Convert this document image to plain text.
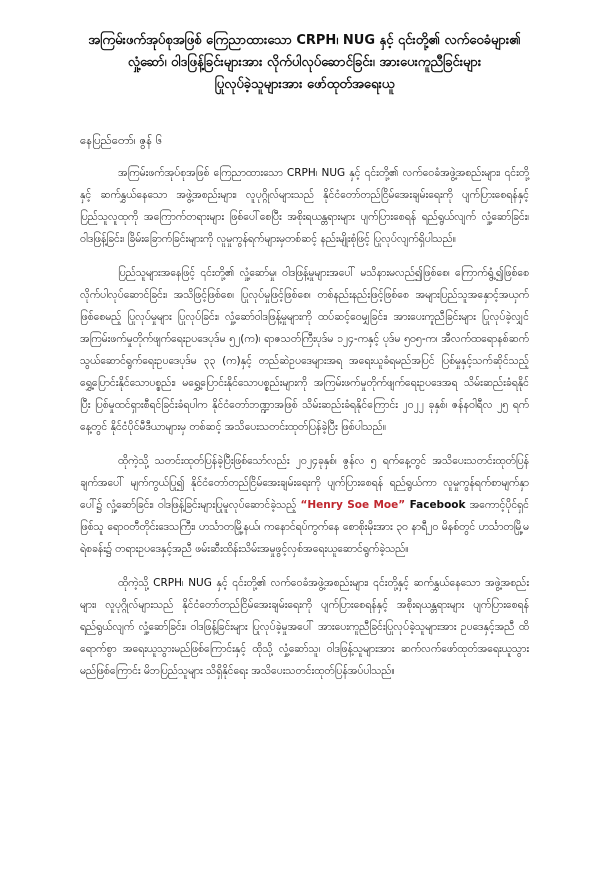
အကြမ်းဖက်အုပ်စုအဖြစ် ကြေညာထားသော CRPH၊ NUG နှင့် ၎င်းတို့၏ လက်ဝေခံများ၏
လှုံ့ဆော်၊ ဝါဒဖြန့်ခြင်းများအား လိုက်ပါလုပ်ဆောင်ခြင်း၊ အားပေးကူညီခြင်းများ
ပြုလုပ်ခဲ့သူများအား ဖော်ထုတ်အရေးယူ
နေပြည်တော်၊ ဇွန် ၆

အကြမ်းဖက်အုပ်စုအဖြစ် ကြေညာထားသော CRPH၊ NUG နှင့် ၎င်းတို့၏ လက်ဝေခံအဖွဲ့အစည်းများ၊ ၎င်းတို့နှင့် ဆက်နွှယ်နေသော အဖွဲ့အစည်းများ၊ လူပုဂ္ဂိုလ်များသည် နိုင်ငံတော်တည်ငြိမ်အေးချမ်းရေးကို ပျက်ပြားစေရန်နှင့် ပြည်သူလူထုကို အကြောက်တရားများ ဖြစ်ပေါ်စေပြီး အစိုးရယန္တရားများ ပျက်ပြားစေရန် ရည်ရွယ်လျက် လှုံ့ဆော်ခြင်း၊ ဝါဒဖြန့်ခြင်း၊ ခြိမ်းခြောက်ခြင်းများကို လူမှုကွန်ရက်များမှတစ်ဆင့် နည်းမျိုးစုံဖြင့် ပြုလုပ်လျက်ရှိပါသည်။

ပြည်သူများအနေဖြင့် ၎င်းတို့၏ လှုံ့ဆော်မှု၊ ဝါဒဖြန့်မှုများအပေါ် မသိနားမလည်၍ဖြစ်စေ၊ ကြောက်ရွံ့၍ဖြစ်စေ လိုက်ပါလုပ်ဆောင်ခြင်း၊ အသိဖြင့်ဖြစ်စေ၊ ပြုလုပ်မှုဖြင့်ဖြစ်စေ၊ တစ်နည်းနည်းဖြင့်ဖြစ်စေ အများပြည်သူအနှောင့်အယှက်ဖြစ်စေမည့် ပြုလုပ်မှုများ ပြုလုပ်ခြင်း၊ လှုံ့ဆော်ဝါဒဖြန့်မှုများကို ထပ်ဆင့်ဝေမျှခြင်း၊ အားပေးကူညီခြင်းများ ပြုလုပ်ခဲ့လျှင် အကြမ်းဖက်မှုတိုက်ဖျက်ရေးဥပဒေပုဒ်မ ၅၂(က)၊ ရာဇသတ်ကြီးပုဒ်မ ၁၂၄-ကနှင့် ပုဒ်မ ၅၀၅-က၊ အီလက်ထရောနစ်ဆက်သွယ်ဆောင်ရွက်ရေးဥပဒေပုဒ်မ ၃၃ (က)နှင့် တည်ဆဲဥပဒေများအရ အရေးယူခံရမည်အပြင် ပြစ်မှုနှင့်သက်ဆိုင်သည့် ရွှေ့ပြောင်းနိုင်သောပစ္စည်း၊ မရွှေ့ပြောင်းနိုင်သောပစ္စည်းများကို အကြမ်းဖက်မှုတိုက်ဖျက်ရေးဥပဒေအရ သိမ်းဆည်းခံရနိုင်ပြီး ပြစ်မှုထင်ရှားစီရင်ခြင်းခံရပါက နိုင်ငံတော်ဘဏ္ဍာအဖြစ် သိမ်းဆည်းခံရနိုင်ကြောင်း ၂၀၂၂ ခုနှစ်၊ ဇန်နဝါရီလ ၂၅ ရက်နေ့တွင် နိုင်ငံပိုင်မီဒီယာများမှ တစ်ဆင့် အသိပေးသတင်းထုတ်ပြန်ခဲ့ပြီး ဖြစ်ပါသည်။

ထိုကဲ့သို့ သတင်းထုတ်ပြန်ခဲ့ပြီးဖြစ်သော်လည်း ၂၀၂၄ခုနှစ်၊ ဇွန်လ ၅ ရက်နေ့တွင် အသိပေးသတင်းထုတ်ပြန်ချက်အပေါ် မျက်ကွယ်ပြု၍ နိုင်ငံတော်တည်ငြိမ်အေးချမ်းရေးကို ပျက်ပြားစေရန် ရည်ရွယ်ကာ လူမှုကွန်ရက်စာမျက်နှာပေါ်၌ လှုံ့ဆော်ခြင်း၊ ဝါဒဖြန့်ခြင်းများပြုမူလုပ်ဆောင်ခဲ့သည့် “Henry Soe Moe” Facebook အကောင့်ပိုင်ရှင်ဖြစ်သူ ရောဝတီတိုင်းဒေသကြီး၊ ဟင်္သာတမြို့နယ်၊ ကနောင်ရပ်ကွက်နေ စောစိုးမိုးအား ၃၀ နာရီ၂၀ မိနစ်တွင် ဟင်္သာတမြို့မရဲစခန်း၌ တရားဥပဒေနှင့်အညီ ဖမ်းဆီးထိန်းသိမ်းအမှုဖွင့်လှစ်အရေးယူဆောင်ရွက်ခဲ့သည်။

ထိုကဲ့သို့ CRPH၊ NUG နှင့် ၎င်းတို့၏ လက်ဝေခံအဖွဲ့အစည်းများ၊ ၎င်းတို့နှင့် ဆက်နွှယ်နေသော အဖွဲ့အစည်းများ၊ လူပုဂ္ဂိုလ်များသည် နိုင်ငံတော်တည်ငြိမ်အေးချမ်းရေးကို ပျက်ပြားစေရန်နှင့် အစိုးရယန္တရားများ ပျက်ပြားစေရန် ရည်ရွယ်လျက် လှုံ့ဆော်ခြင်း၊ ဝါဒဖြန့်ခြင်းများ ပြုလုပ်ခဲ့မှုအပေါ် အားပေးကူညီခြင်းပြုလုပ်ခဲ့သူများအား ဥပဒေနှင့်အညီ ထိရောက်စွာ အရေးယူသွားမည်ဖြစ်ကြောင်းနှင့် ထိုသို့ လှုံ့ဆော်သူ၊ ဝါဒဖြန့်သူများအား ဆက်လက်ဖော်ထုတ်အရေးယူသွားမည်ဖြစ်ကြောင်း မိဘပြည်သူများ သိရှိနိုင်ရေး အသိပေးသတင်းထုတ်ပြန်အပ်ပါသည်။
